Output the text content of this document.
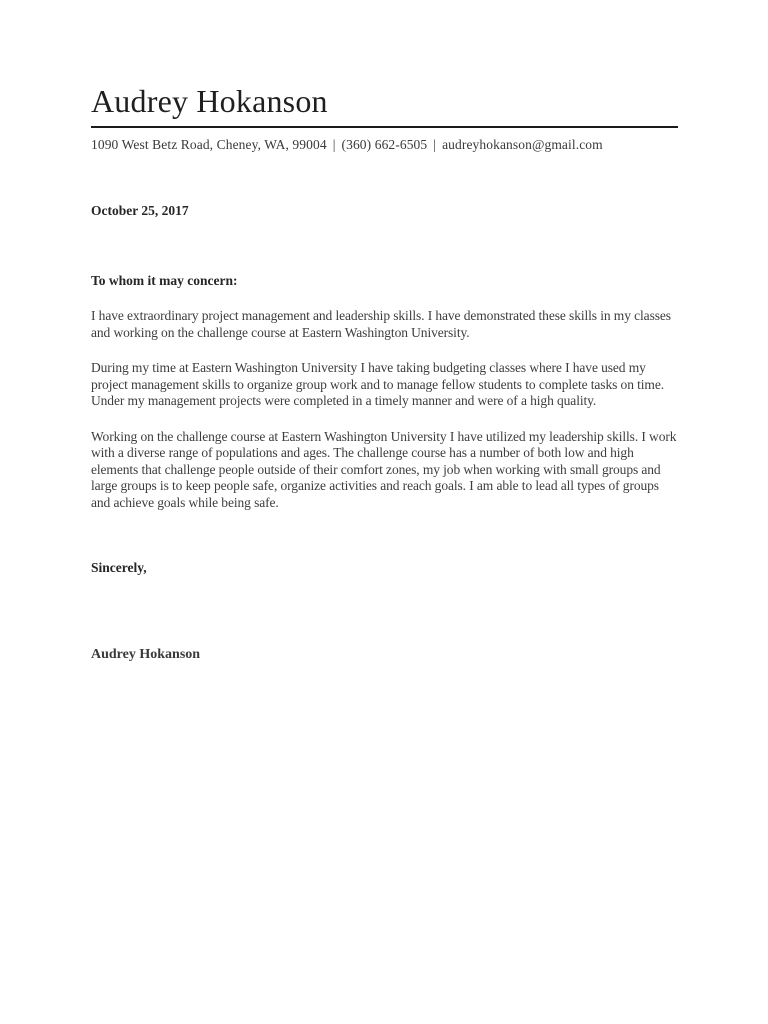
Audrey Hokanson
1090 West Betz Road, Cheney, WA, 99004 | (360) 662-6505 | audreyhokanson@gmail.com

October 25, 2017

To whom it may concern:

I have extraordinary project management and leadership skills. I have demonstrated these skills in my classes and working on the challenge course at Eastern Washington University.

During my time at Eastern Washington University I have taking budgeting classes where I have used my project management skills to organize group work and to manage fellow students to complete tasks on time. Under my management projects were completed in a timely manner and were of a high quality.

Working on the challenge course at Eastern Washington University I have utilized my leadership skills. I work with a diverse range of populations and ages. The challenge course has a number of both low and high elements that challenge people outside of their comfort zones, my job when working with small groups and large groups is to keep people safe, organize activities and reach goals. I am able to lead all types of groups and achieve goals while being safe.

Sincerely,

Audrey Hokanson
